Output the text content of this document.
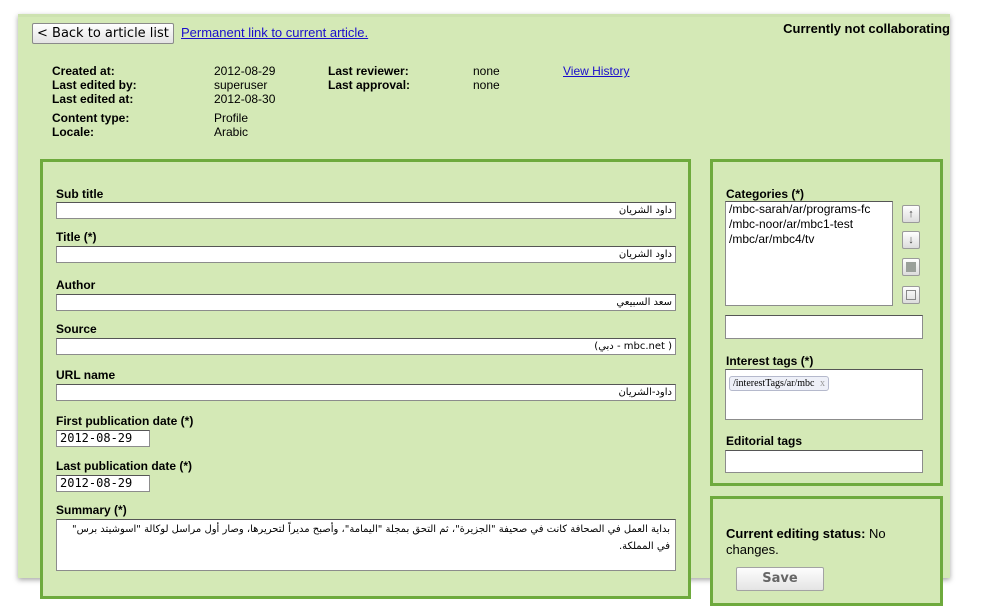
< Back to article list Permanent link to current article.	Currently not collaborating
Created at:	2012-08-29
Last edited by:	superuser
Last edited at:	2012-08-30
Content type:	Profile
Locale:	Arabic
Last reviewer:	none
Last approval:	none
View History
Sub title
داود الشريان
Title (*)
داود الشريان
Author
سعد السبيعي
Source
(دبي - mbc.net )
URL name
داود-الشريان
First publication date (*)
2012-08-29
Last publication date (*)
2012-08-29
Summary (*)
بداية العمل في الصحافة كانت في صحيفة "الجزيرة"، ثم التحق بمجلة "اليمامة"، وأصبح مديراً لتحريرها، وصار أول مراسل لوكالة "اسوشيتد برس" في المملكة.
Categories (*)
/mbc-sarah/ar/programs-fc
/mbc-noor/ar/mbc1-test
/mbc/ar/mbc4/tv
↑
↓
Interest tags (*)
/interestTags/ar/mbc x
Editorial tags
Current editing status: No changes.
Save
